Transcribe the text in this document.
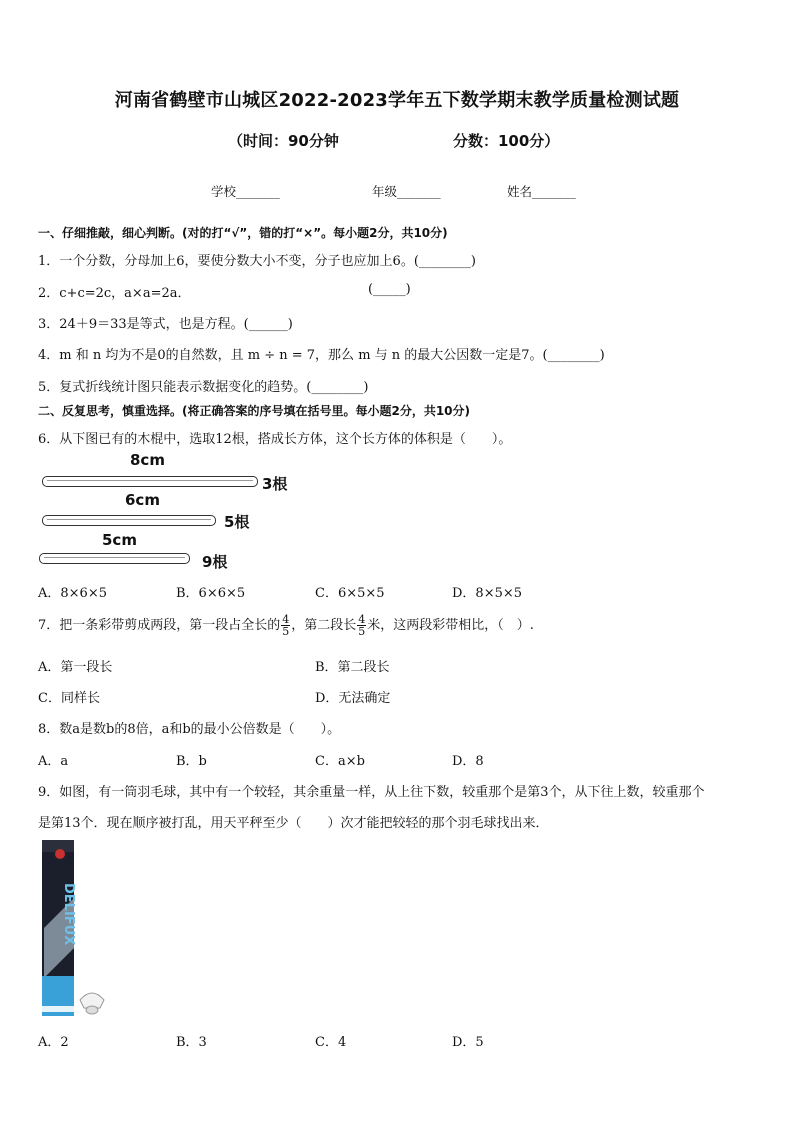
河南省鹤壁市山城区2022-2023学年五下数学期末教学质量检测试题
（时间：90分钟	分数：100分）
学校_______	年级_______	姓名_______
一、仔细推敲，细心判断。(对的打“√”，错的打“×”。每小题2分，共10分)
1．一个分数，分母加上6，要使分数大小不变，分子也应加上6。(________)
2．c+c=2c，a×a=2a．	(_____)
3．24＋9＝33是等式，也是方程。(______)
4．m 和 n 均为不是0的自然数，且 m ÷ n = 7，那么 m 与 n 的最大公因数一定是7。(________)
5．复式折线统计图只能表示数据变化的趋势。(________)
二、反复思考，慎重选择。(将正确答案的序号填在括号里。每小题2分，共10分)
6．从下图已有的木棍中，选取12根，搭成长方体，这个长方体的体积是（　　）。
8cm
3根
6cm
5根
5cm
9根
A．8×6×5	B．6×6×5	C．6×5×5	D．8×5×5
7．把一条彩带剪成两段，第一段占全长的 $\frac{4}{5}$ ，第二段长 $\frac{4}{5}$ 米，这两段彩带相比，（　）.
A．第一段长	B．第二段长
C．同样长	D．无法确定
8．数a是数b的8倍，a和b的最小公倍数是（　　）。
A．a	B．b	C．a×b	D．8
9．如图，有一筒羽毛球，其中有一个较轻，其余重量一样，从上往下数，较重那个是第3个，从下往上数，较重那个
是第13个．现在顺序被打乱，用天平秤至少（　　）次才能把较轻的那个羽毛球找出来．
DELIFUX
A．2	B．3	C．4	D．5
